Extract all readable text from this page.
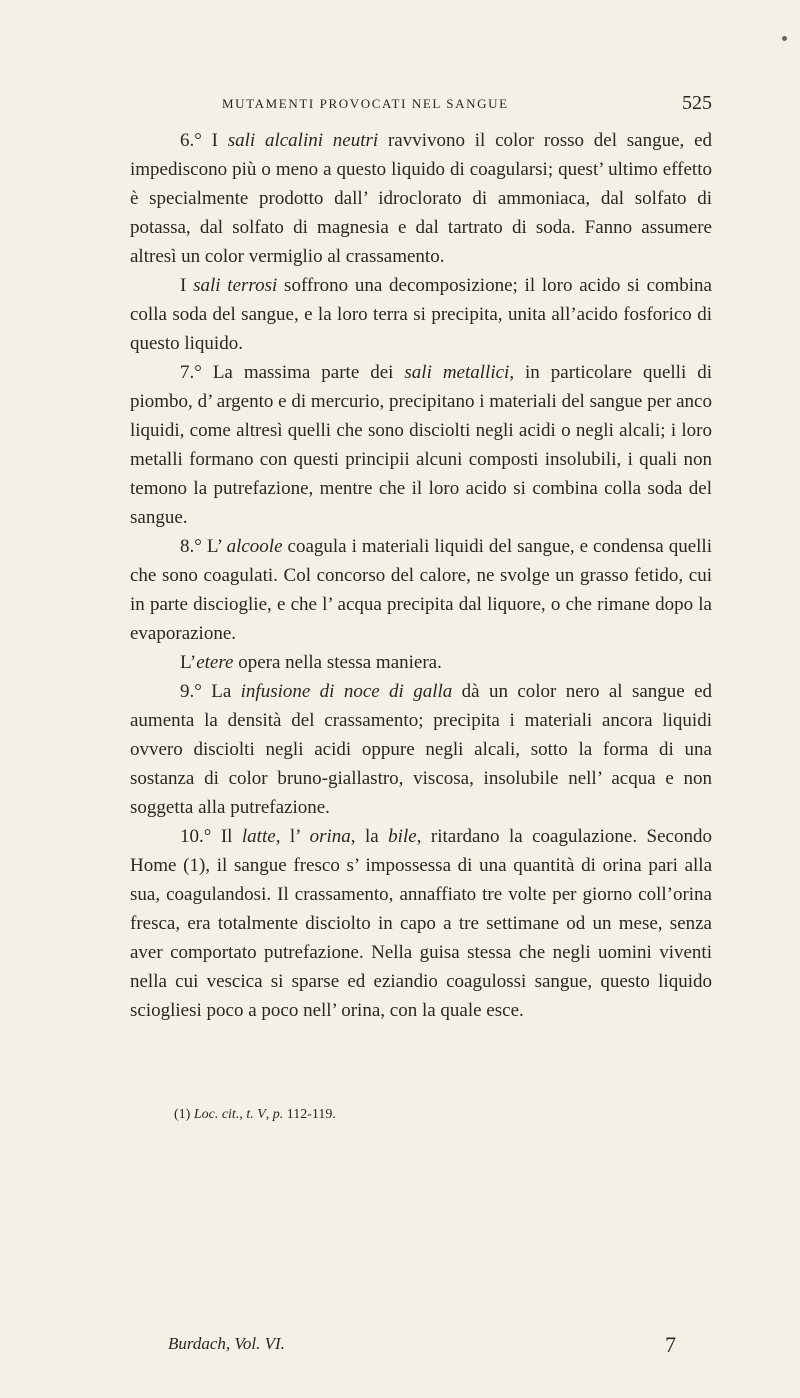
MUTAMENTI PROVOCATI NEL SANGUE	525

6.° I sali alcalini neutri ravvivono il color rosso del sangue, ed impediscono più o meno a questo liquido di coagularsi; quest’ ultimo effetto è specialmente prodotto dall’ idroclorato di ammoniaca, dal solfato di potassa, dal solfato di magnesia e dal tartrato di soda. Fanno assumere altresì un color vermiglio al crassamento.

I sali terrosi soffrono una decomposizione; il loro acido si combina colla soda del sangue, e la loro terra si precipita, unita all’acido fosforico di questo liquido.

7.° La massima parte dei sali metallici, in particolare quelli di piombo, d’ argento e di mercurio, precipitano i materiali del sangue per anco liquidi, come altresì quelli che sono disciolti negli acidi o negli alcali; i loro metalli formano con questi principii alcuni composti insolubili, i quali non temono la putrefazione, mentre che il loro acido si combina colla soda del sangue.

8.° L’ alcoole coagula i materiali liquidi del sangue, e condensa quelli che sono coagulati. Col concorso del calore, ne svolge un grasso fetido, cui in parte discioglie, e che l’ acqua precipita dal liquore, o che rimane dopo la evaporazione.

L’etere opera nella stessa maniera.

9.° La infusione di noce di galla dà un color nero al sangue ed aumenta la densità del crassamento; precipita i materiali ancora liquidi ovvero disciolti negli acidi oppure negli alcali, sotto la forma di una sostanza di color bruno-giallastro, viscosa, insolubile nell’ acqua e non soggetta alla putrefazione.

10.° Il latte, l’ orina, la bile, ritardano la coagulazione. Secondo Home (1), il sangue fresco s’ impossessa di una quantità di orina pari alla sua, coagulandosi. Il crassamento, annaffiato tre volte per giorno coll’orina fresca, era totalmente disciolto in capo a tre settimane od un mese, senza aver comportato putrefazione. Nella guisa stessa che negli uomini viventi nella cui vescica si sparse ed eziandio coagulossi sangue, questo liquido sciogliesi poco a poco nell’ orina, con la quale esce.

(1) Loc. cit., t. V, p. 112-119.
Burdach, Vol. VI.	7
